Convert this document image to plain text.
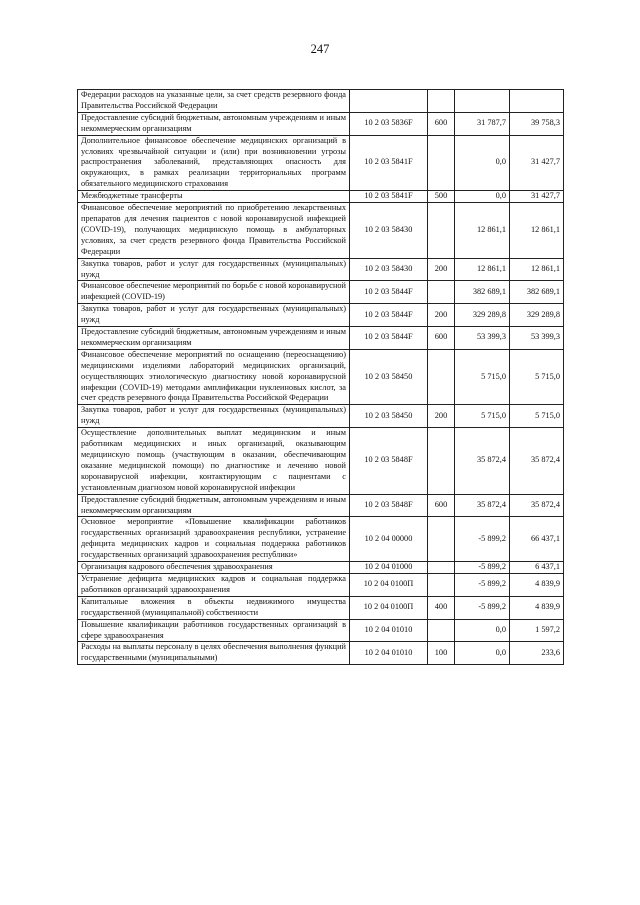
247
Федерации расходов на указанные цели, за счет средств резервного фонда Правительства Российской Федерации				
Предоставление субсидий бюджетным, автономным учреждениям и иным некоммерческим организациям	10 2 03 5836F	600	31 787,7	39 758,3
Дополнительное финансовое обеспечение медицинских организаций в условиях чрезвычайной ситуации и (или) при возникновении угрозы распространения заболеваний, представляющих опасность для окружающих, в рамках реализации территориальных программ обязательного медицинского страхования	10 2 03 5841F		0,0	31 427,7
Межбюджетные трансферты	10 2 03 5841F	500	0,0	31 427,7
Финансовое обеспечение мероприятий по приобретению лекарственных препаратов для лечения пациентов с новой коронавирусной инфекцией (COVID-19), получающих медицинскую помощь в амбулаторных условиях, за счет средств резервного фонда Правительства Российской Федерации	10 2 03 58430		12 861,1	12 861,1
Закупка товаров, работ и услуг для государственных (муниципальных) нужд	10 2 03 58430	200	12 861,1	12 861,1
Финансовое обеспечение мероприятий по борьбе с новой коронавирусной инфекцией (COVID-19)	10 2 03 5844F		382 689,1	382 689,1
Закупка товаров, работ и услуг для государственных (муниципальных) нужд	10 2 03 5844F	200	329 289,8	329 289,8
Предоставление субсидий бюджетным, автономным учреждениям и иным некоммерческим организациям	10 2 03 5844F	600	53 399,3	53 399,3
Финансовое обеспечение мероприятий по оснащению (переоснащению) медицинскими изделиями лабораторий медицинских организаций, осуществляющих этиологическую диагностику новой коронавирусной инфекции (COVID-19) методами амплификации нуклеиновых кислот, за счет средств резервного фонда Правительства Российской Федерации	10 2 03 58450		5 715,0	5 715,0
Закупка товаров, работ и услуг для государственных (муниципальных) нужд	10 2 03 58450	200	5 715,0	5 715,0
Осуществление дополнительных выплат медицинским и иным работникам медицинских и иных организаций, оказывающим медицинскую помощь (участвующим в оказании, обеспечивающим оказание медицинской помощи) по диагностике и лечению новой коронавирусной инфекции, контактирующим с пациентами с установленным диагнозом новой коронавирусной инфекции	10 2 03 5848F		35 872,4	35 872,4
Предоставление субсидий бюджетным, автономным учреждениям и иным некоммерческим организациям	10 2 03 5848F	600	35 872,4	35 872,4
Основное мероприятие «Повышение квалификации работников государственных организаций здравоохранения республики, устранение дефицита медицинских кадров и социальная поддержка работников государственных организаций здравоохранения республики»	10 2 04 00000		-5 899,2	66 437,1
Организация кадрового обеспечения здравоохранения	10 2 04 01000		-5 899,2	6 437,1
Устранение дефицита медицинских кадров и социальная поддержка работников организаций здравоохранения	10 2 04 0100П		-5 899,2	4 839,9
Капитальные вложения в объекты недвижимого имущества государственной (муниципальной) собственности	10 2 04 0100П	400	-5 899,2	4 839,9
Повышение квалификации работников государственных организаций в сфере здравоохранения	10 2 04 01010		0,0	1 597,2
Расходы на выплаты персоналу в целях обеспечения выполнения функций государственными (муниципальными)	10 2 04 01010	100	0,0	233,6
